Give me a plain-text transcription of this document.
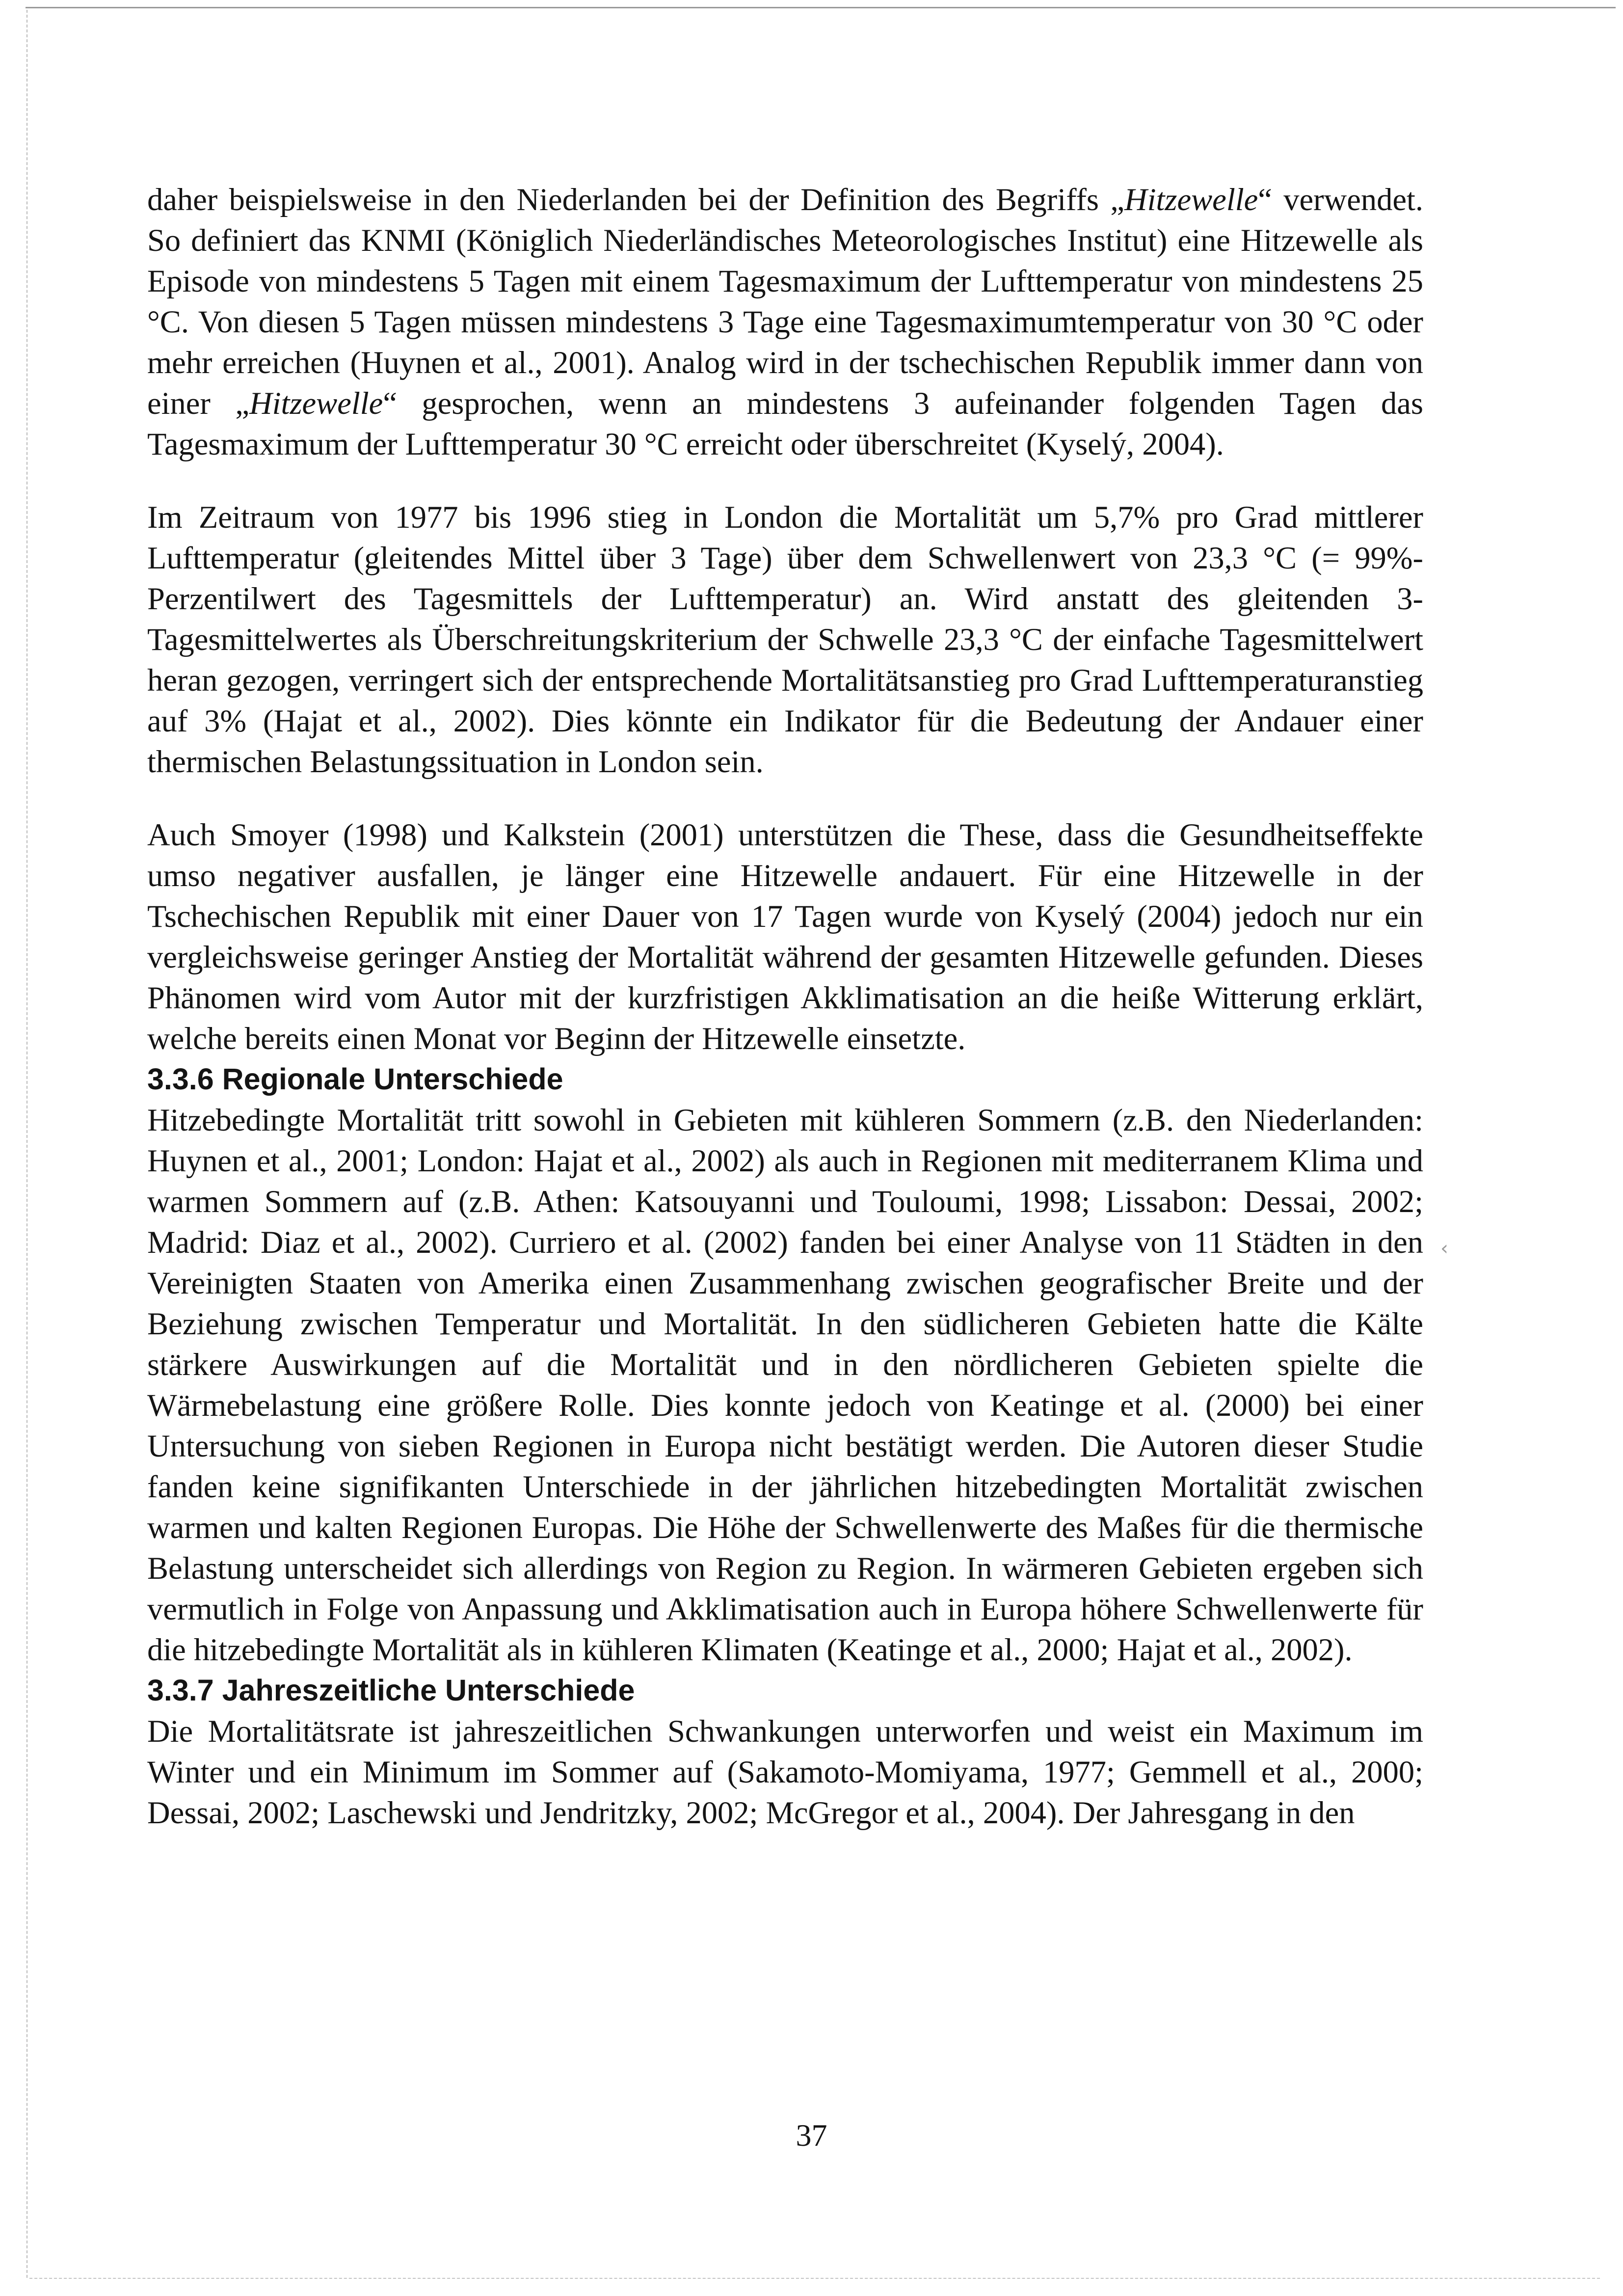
‹

daher beispielsweise in den Niederlanden bei der Definition des Begriffs „Hitzewelle“ verwendet. So definiert das KNMI (Königlich Niederländisches Meteorologisches Institut) eine Hitzewelle als Episode von mindestens 5 Tagen mit einem Tagesmaximum der Lufttemperatur von mindestens 25 °C. Von diesen 5 Tagen müssen mindestens 3 Tage eine Tagesmaximumtemperatur von 30 °C oder mehr erreichen (Huynen et al., 2001). Analog wird in der tschechischen Republik immer dann von einer „Hitzewelle“ gesprochen, wenn an mindestens 3 aufeinander folgenden Tagen das Tagesmaximum der Lufttemperatur 30 °C erreicht oder überschreitet (Kyselý, 2004).

Im Zeitraum von 1977 bis 1996 stieg in London die Mortalität um 5,7% pro Grad mittlerer Lufttemperatur (gleitendes Mittel über 3 Tage) über dem Schwellenwert von 23,3 °C (= 99%-Perzentilwert des Tagesmittels der Lufttemperatur) an. Wird anstatt des gleitenden 3-Tagesmittelwertes als Überschreitungskriterium der Schwelle 23,3 °C der einfache Tagesmittelwert heran gezogen, verringert sich der entsprechende Mortalitätsanstieg pro Grad Lufttemperaturanstieg auf 3% (Hajat et al., 2002). Dies könnte ein Indikator für die Bedeutung der Andauer einer thermischen Belastungssituation in London sein.

Auch Smoyer (1998) und Kalkstein (2001) unterstützen die These, dass die Gesundheitseffekte umso negativer ausfallen, je länger eine Hitzewelle andauert. Für eine Hitzewelle in der Tschechischen Republik mit einer Dauer von 17 Tagen wurde von Kyselý (2004) jedoch nur ein vergleichsweise geringer Anstieg der Mortalität während der gesamten Hitzewelle gefunden. Dieses Phänomen wird vom Autor mit der kurzfristigen Akklimatisation an die heiße Witterung erklärt, welche bereits einen Monat vor Beginn der Hitzewelle einsetzte.

3.3.6 Regionale Unterschiede

Hitzebedingte Mortalität tritt sowohl in Gebieten mit kühleren Sommern (z.B. den Niederlanden: Huynen et al., 2001; London: Hajat et al., 2002) als auch in Regionen mit mediterranem Klima und warmen Sommern auf (z.B. Athen: Katsouyanni und Touloumi, 1998; Lissabon: Dessai, 2002; Madrid: Diaz et al., 2002). Curriero et al. (2002) fanden bei einer Analyse von 11 Städten in den Vereinigten Staaten von Amerika einen Zusammenhang zwischen geografischer Breite und der Beziehung zwischen Temperatur und Mortalität. In den südlicheren Gebieten hatte die Kälte stärkere Auswirkungen auf die Mortalität und in den nördlicheren Gebieten spielte die Wärmebelastung eine größere Rolle. Dies konnte jedoch von Keatinge et al. (2000) bei einer Untersuchung von sieben Regionen in Europa nicht bestätigt werden. Die Autoren dieser Studie fanden keine signifikanten Unterschiede in der jährlichen hitzebedingten Mortalität zwischen warmen und kalten Regionen Europas. Die Höhe der Schwellenwerte des Maßes für die thermische Belastung unterscheidet sich allerdings von Region zu Region. In wärmeren Gebieten ergeben sich vermutlich in Folge von Anpassung und Akklimatisation auch in Europa höhere Schwellenwerte für die hitzebedingte Mortalität als in kühleren Klimaten (Keatinge et al., 2000; Hajat et al., 2002).

3.3.7 Jahreszeitliche Unterschiede

Die Mortalitätsrate ist jahreszeitlichen Schwankungen unterworfen und weist ein Maximum im Winter und ein Minimum im Sommer auf (Sakamoto-Momiyama, 1977; Gemmell et al., 2000; Dessai, 2002; Laschewski und Jendritzky, 2002; McGregor et al., 2004). Der Jahresgang in den

37
